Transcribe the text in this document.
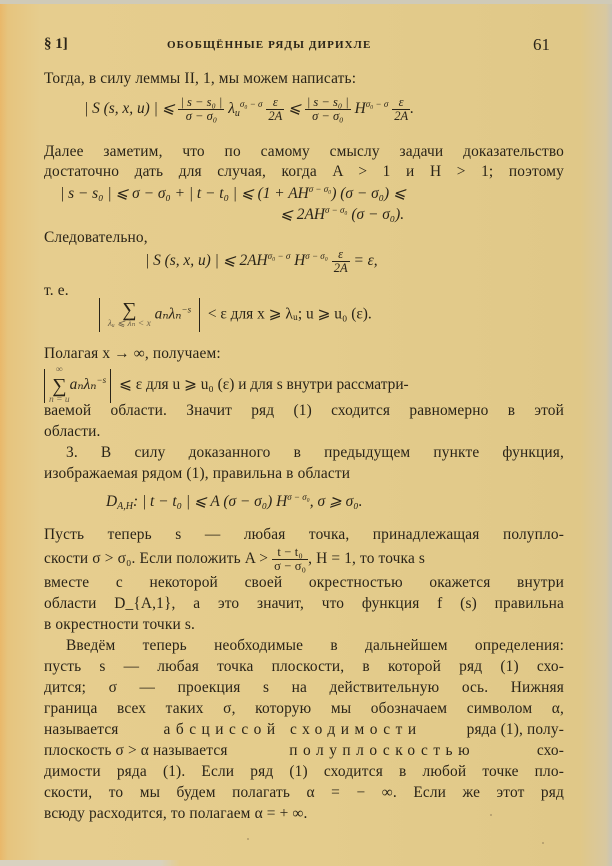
§ 1]	ОБОБЩЁННЫЕ РЯДЫ ДИРИХЛЕ	61
Тогда, в силу леммы II, 1, мы можем написать:
| S (s, x, u) | ⩽ $\frac{\text{| s − s₀ |}}{\text{σ − σ₀}} \lambda_u^{\sigma_0 - \sigma} \frac{\varepsilon}{2A}$ ⩽ $\frac{\text{| s − s₀ |}}{\text{σ − σ₀}} H^{\sigma_0 - \sigma} \frac{\varepsilon}{2A}$ .
Далее заметим, что по самому смыслу задачи доказательство
достаточно дать для случая, когда A > 1 и H > 1; поэтому
| s − s₀ | ⩽ σ − σ₀ + | t − t₀ | ⩽ $(1 + AH^{\sigma - \sigma_0})$ (σ − σ₀) ⩽
⩽ $2AH^{\sigma - \sigma_0}$ (σ − σ₀).
Следовательно,
| S (s, x, u) | ⩽ $2AH^{\sigma_0 - \sigma}$ $H^{\sigma - \sigma_0} \frac{\varepsilon}{2A} = \varepsilon$,
т. е.

∑
λᵤ ⩽ λₙ < x
aₙλₙ$^{-s}$ < ε для x ⩾ λᵤ; u ⩾ u₀ (ε).
Полагая x → ∞, получаем:
∞
∑
n = u
aₙλₙ$^{-s}$ ⩽ ε для u ⩾ u₀ (ε) и для s внутри рассматри-
ваемой области. Значит ряд (1) сходится равномерно в этой
области.
3. В силу доказанного в предыдущем пункте функция,
изображаемая рядом (1), правильна в области
$D_{A,H}$: | t − t₀ | ⩽ A (σ − σ₀) $H^{\sigma - \sigma_0}$, σ ⩾ σ₀.
Пусть теперь s — любая точка, принадлежащая полупло-
скости σ > σ₀. Если положить $A > \frac{\text{t − t₀}}{\text{σ − σ₀}}$ , H = 1, то точка s
вместе с некоторой своей окрестностью окажется внутри
области D_{A,1}, а это значит, что функция f (s) правильна
в окрестности точки s.
Введём теперь необходимые в дальнейшем определения:
пусть s — любая точка плоскости, в которой ряд (1) схо-
дится; σ — проекция s на действительную ось. Нижняя
граница всех таких σ, которую мы обозначаем символом α,
называется	абсциссой сходимости	ряда (1), полу-
плоскость σ > α называется	полуплоскостью	схо-
димости ряда (1). Если ряд (1) сходится в любой точке пло-
скости, то мы будем полагать α = − ∞. Если же этот ряд
всюду расходится, то полагаем α = + ∞.
